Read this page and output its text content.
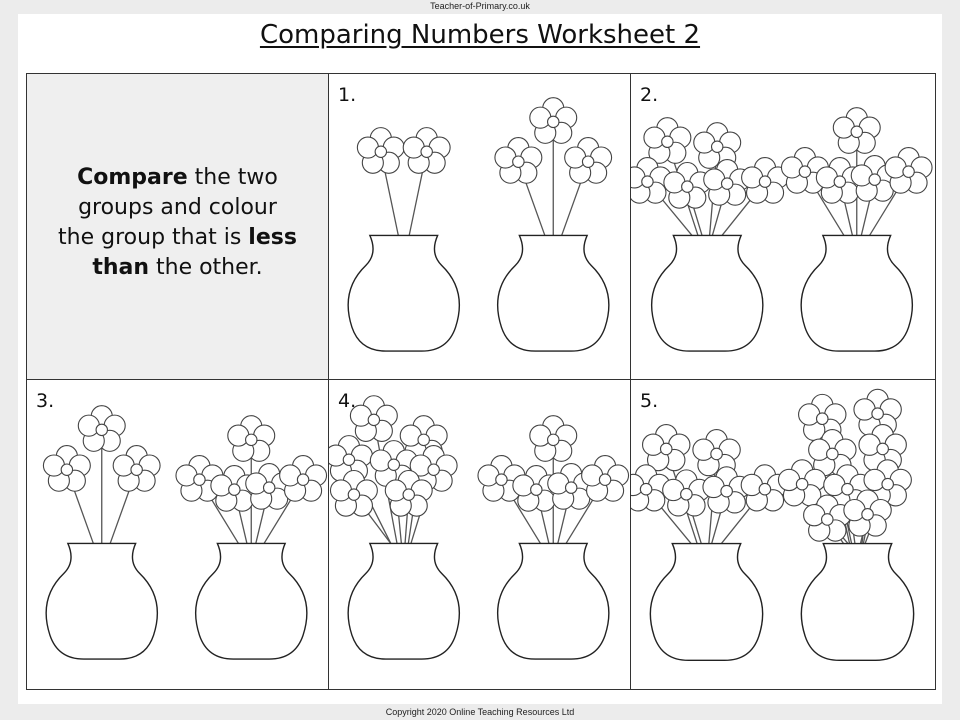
Teacher-of-Primary.co.uk
Comparing Numbers Worksheet 2
Compare the two groups and colour the group that is less than the other.
1.	2.
3.	4.	5.
Copyright 2020 Online Teaching Resources Ltd
